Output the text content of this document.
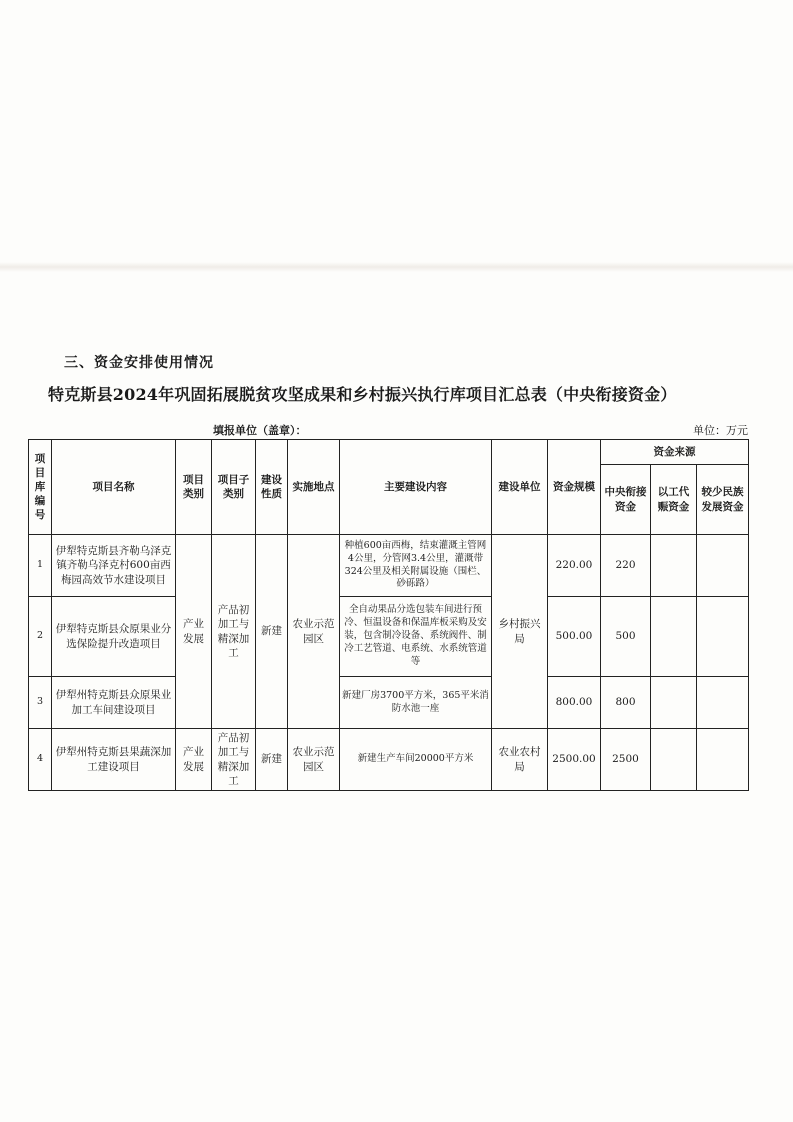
三、资金安排使用情况
特克斯县2024年巩固拓展脱贫攻坚成果和乡村振兴执行库项目汇总表（中央衔接资金）
填报单位（盖章）：	单位：万元
项目库编号	项目名称	项目类别	项目子类别	建设性质	实施地点	主要建设内容	建设单位	资金规模	资金来源		
									中央衔接资金	以工代赈资金	较少民族发展资金
1	伊犁特克斯县齐勒乌泽克镇齐勒乌泽克村600亩西梅园高效节水建设项目	产业发展	产品初加工与精深加工	新建	农业示范园区	种植600亩西梅，结束灌溉主管网4公里，分管网3.4公里，灌溉带324公里及相关附属设施（围栏、砂砾路）	乡村振兴局	220.00	220		
2	伊犁特克斯县众原果业分选保险提升改造项目					全自动果品分选包装车间进行预冷、恒温设备和保温库板采购及安装，包含制冷设备、系统阀件、制冷工艺管道、电系统、水系统管道等		500.00	500		
3	伊犁州特克斯县众原果业加工车间建设项目					新建厂房3700平方米，365平米消防水池一座		800.00	800		
4	伊犁州特克斯县果蔬深加工建设项目	产业发展	产品初加工与精深加工	新建	农业示范园区	新建生产车间20000平方米	农业农村局	2500.00	2500		
